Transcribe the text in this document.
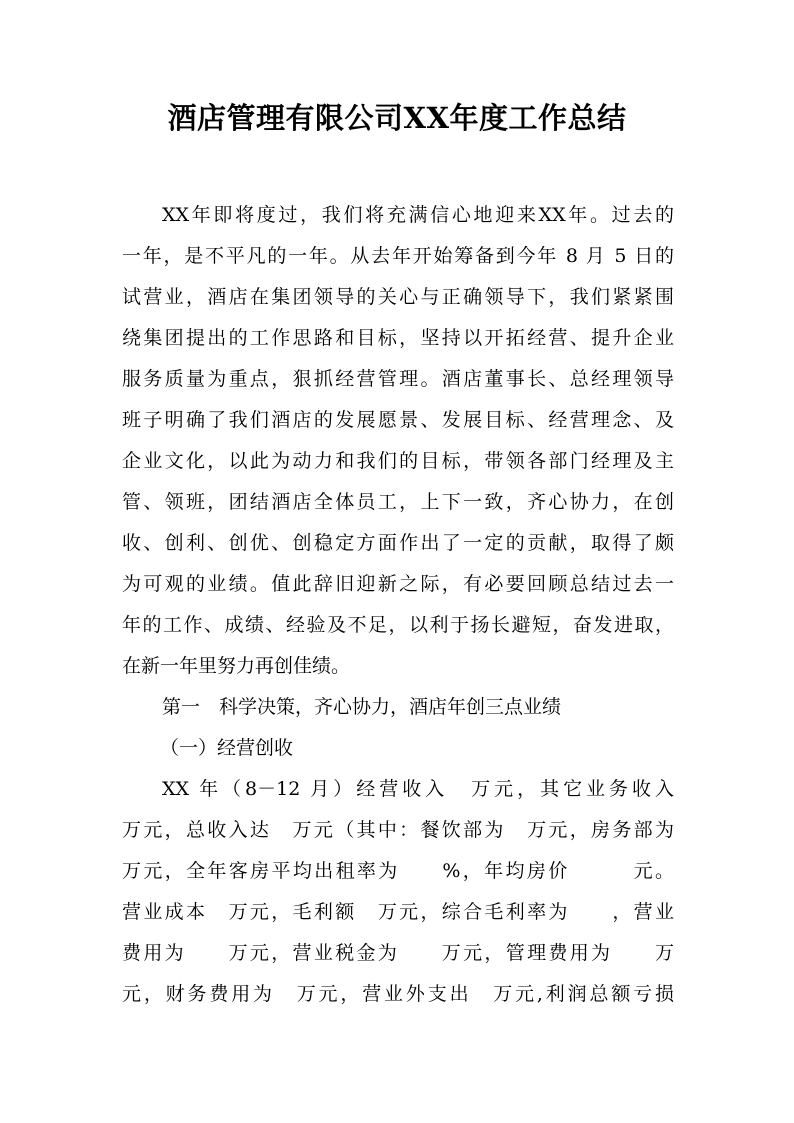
酒店管理有限公司XX年度工作总结
XX年即将度过，我们将充满信心地迎来XX年。过去的
一年，是不平凡的一年。从去年开始筹备到今年 8 月 5 日的
试营业，酒店在集团领导的关心与正确领导下，我们紧紧围
绕集团提出的工作思路和目标，坚持以开拓经营、提升企业
服务质量为重点，狠抓经营管理。酒店董事长、总经理领导
班子明确了我们酒店的发展愿景、发展目标、经营理念、及
企业文化，以此为动力和我们的目标，带领各部门经理及主
管、领班，团结酒店全体员工，上下一致，齐心协力，在创
收、创利、创优、创稳定方面作出了一定的贡献，取得了颇
为可观的业绩。值此辞旧迎新之际，有必要回顾总结过去一
年的工作、成绩、经验及不足，以利于扬长避短，奋发进取，
在新一年里努力再创佳绩。
第一　科学决策，齐心协力，酒店年创三点业绩
（一）经营创收
XX 年（8－12 月）经营收入　万元，其它业务收入
万元，总收入达　万元（其中：餐饮部为　万元，房务部为
万元，全年客房平均出租率为　　%，年均房价　　　元。
营业成本　万元，毛利额　万元，综合毛利率为　　，营业
费用为　　万元，营业税金为　　万元，管理费用为　　万
元，财务费用为　万元，营业外支出　万元,利润总额亏损
